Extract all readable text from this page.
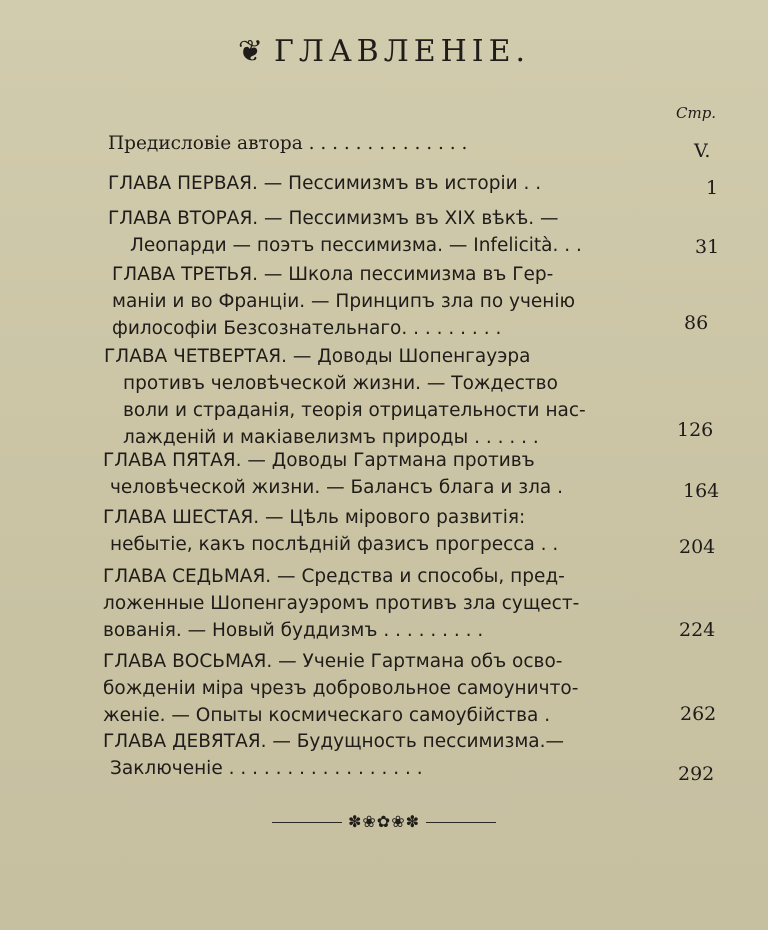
❦ ГЛАВЛЕНІЕ.
Стр.
Предисловіе автора . . . . . . . . . . . . . .	V.
ГЛАВА ПЕРВАЯ. — Пессимизмъ въ исторіи . .	1
ГЛАВА ВТОРАЯ. — Пессимизмъ въ XIX вѣкѣ. —
Леопарди — поэтъ пессимизма. — Infelicità. . .	31
ГЛАВА ТРЕТЬЯ. — Школа пессимизма въ Гер-
маніи и во Франціи. — Принципъ зла по ученію
философіи Безсознательнаго. . . . . . . . .	86
ГЛАВА ЧЕТВЕРТАЯ. — Доводы Шопенгауэра
противъ человѣческой жизни. — Тождество
воли и страданія, теорія отрицательности нас-
лажденій и макіавелизмъ природы . . . . . .	126
ГЛАВА ПЯТАЯ. — Доводы Гартмана противъ
человѣческой жизни. — Балансъ блага и зла .	164
ГЛАВА ШЕСТАЯ. — Цѣль мірового развитія:
небытіе, какъ послѣдній фазисъ прогресса . .	204
ГЛАВА СЕДЬМАЯ. — Средства и способы, пред-
ложенные Шопенгауэромъ противъ зла сущест-
вованія. — Новый буддизмъ . . . . . . . . .	224
ГЛАВА ВОСЬМАЯ. — Ученіе Гартмана объ осво-
божденіи міра чрезъ добровольное самоуничто-
женіе. — Опыты космическаго самоубійства .	262
ГЛАВА ДЕВЯТАЯ. — Будущность пессимизма.—
Заключеніе . . . . . . . . . . . . . . . . .	292
✽❀✿❀✽
